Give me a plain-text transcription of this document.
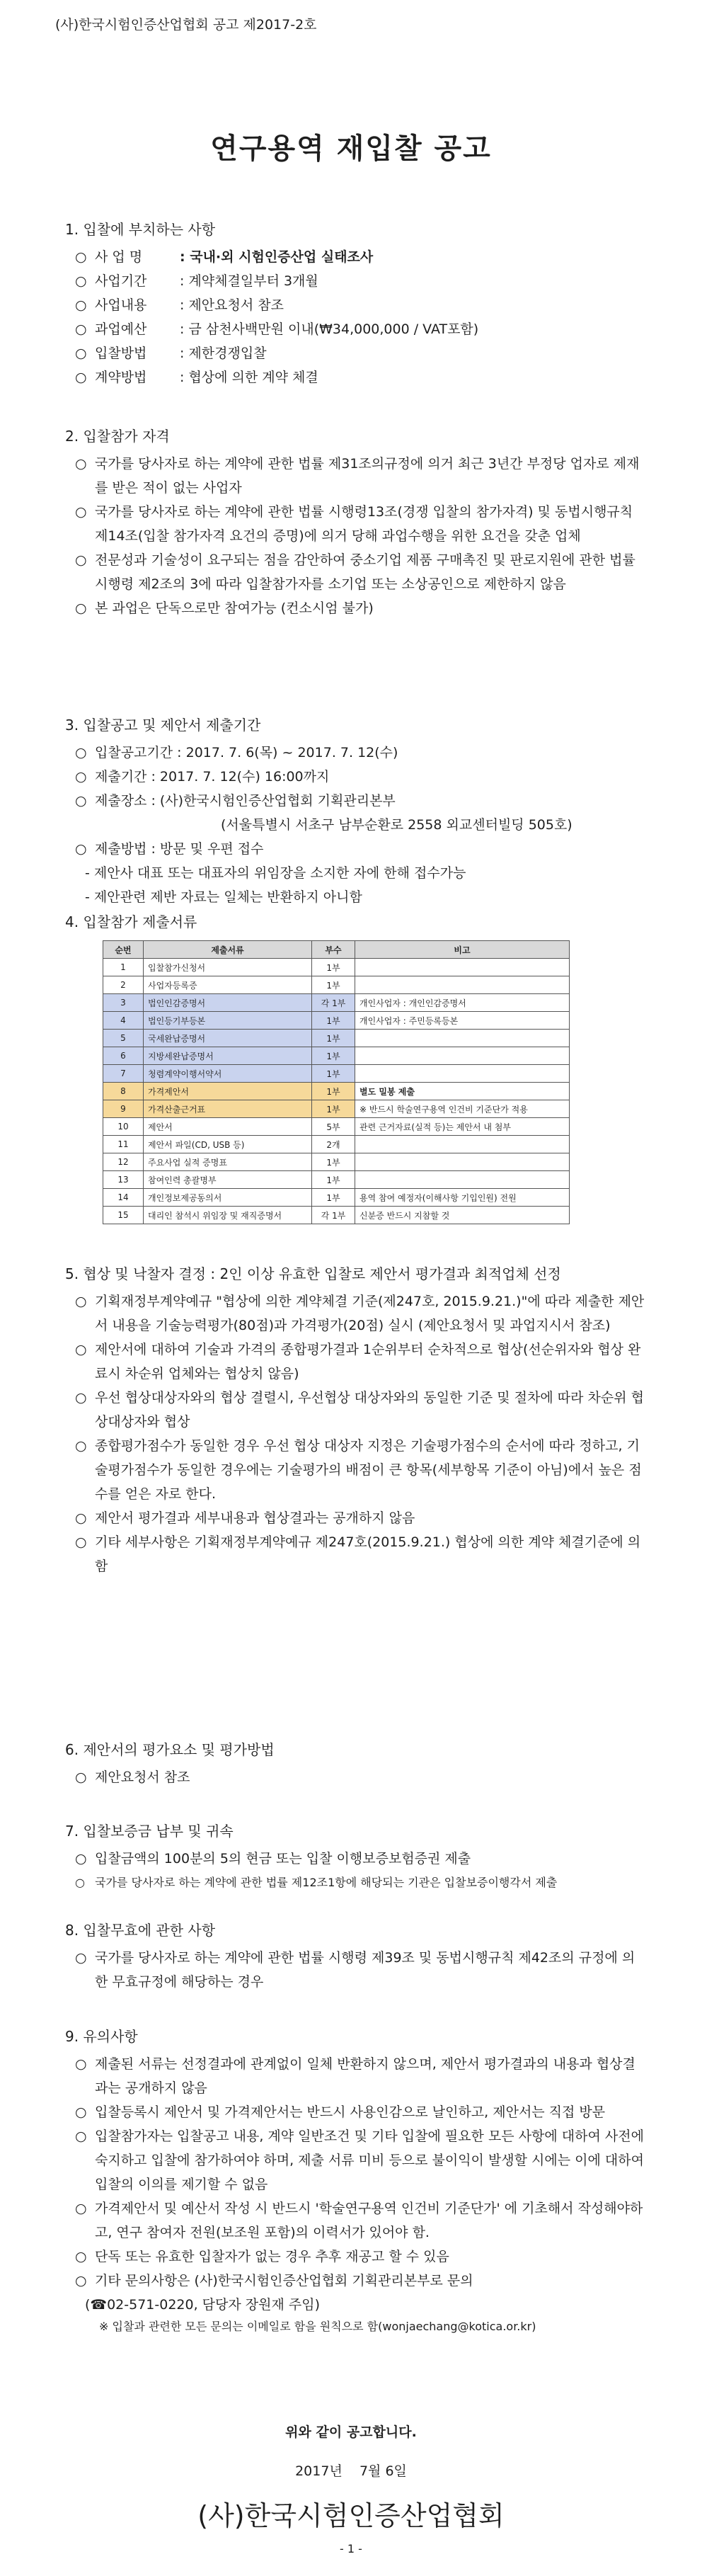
(사)한국시험인증산업협회 공고 제2017-2호
연구용역 재입찰 공고
1. 입찰에 부치하는 사항
○ 사 업 명	: 국내·외 시험인증산업 실태조사
○ 사업기간 : 계약체결일부터 3개월
○ 사업내용 : 제안요청서 참조
○ 과업예산 : 금 삼천사백만원 이내(₩34,000,000 / VAT포함)
○ 입찰방법 : 제한경쟁입찰
○ 계약방법 : 협상에 의한 계약 체결
2. 입찰참가 자격
○ 국가를 당사자로 하는 계약에 관한 법률 제31조의규정에 의거 최근 3년간 부정당 업자로 제재를 받은 적이 없는 사업자
○ 국가를 당사자로 하는 계약에 관한 법률 시행령13조(경쟁 입찰의 참가자격) 및 동법시행규칙 제14조(입찰 참가자격 요건의 증명)에 의거 당해 과업수행을 위한 요건을 갖춘 업체
○ 전문성과 기술성이 요구되는 점을 감안하여 중소기업 제품 구매촉진 및 판로지원에 관한 법률 시행령 제2조의 3에 따라 입찰참가자를 소기업 또는 소상공인으로 제한하지 않음
○ 본 과업은 단독으로만 참여가능 (컨소시엄 불가)
3. 입찰공고 및 제안서 제출기간
○ 입찰공고기간 : 2017. 7. 6(목) ~ 2017. 7. 12(수)
○ 제출기간 : 2017. 7. 12(수) 16:00까지
○ 제출장소 : (사)한국시험인증산업협회 기획관리본부
(서울특별시 서초구 남부순환로 2558 외교센터빌딩 505호)
○ 제출방법 : 방문 및 우편 접수
- 제안사 대표 또는 대표자의 위임장을 소지한 자에 한해 접수가능
- 제안관련 제반 자료는 일체는 반환하지 아니함
4. 입찰참가 제출서류
순번	제출서류	부수	비고
1	입찰참가신청서	1부	
2	사업자등록증	1부	
3	법인인감증명서	각 1부	개인사업자 : 개인인감증명서
4	법인등기부등본	1부	개인사업자 : 주민등록등본
5	국세완납증명서	1부	
6	지방세완납증명서	1부	
7	청렴계약이행서약서	1부	
8	가격제안서	1부	별도 밀봉 제출
9	가격산출근거표	1부	※ 반드시 학술연구용역 인건비 기준단가 적용
10	제안서	5부	관련 근거자료(실적 등)는 제안서 내 첨부
11	제안서 파일(CD, USB 등)	2개	
12	주요사업 실적 증명표	1부	
13	참여인력 총괄명부	1부	
14	개인정보제공동의서	1부	용역 참여 예정자(이해사항 기입인원) 전원
15	대리인 참석시 위임장 및 재직증명서	각 1부	신분증 반드시 지참할 것
5. 협상 및 낙찰자 결정 : 2인 이상 유효한 입찰로 제안서 평가결과 최적업체 선정
○ 기획재정부계약예규 "협상에 의한 계약체결 기준(제247호, 2015.9.21.)"에 따라 제출한 제안서 내용을 기술능력평가(80점)과 가격평가(20점) 실시 (제안요청서 및 과업지시서 참조)
○ 제안서에 대하여 기술과 가격의 종합평가결과 1순위부터 순차적으로 협상(선순위자와 협상 완료시 차순위 업체와는 협상치 않음)
○ 우선 협상대상자와의 협상 결렬시, 우선협상 대상자와의 동일한 기준 및 절차에 따라 차순위 협상대상자와 협상
○ 종합평가점수가 동일한 경우 우선 협상 대상자 지정은 기술평가점수의 순서에 따라 정하고, 기술평가점수가 동일한 경우에는 기술평가의 배점이 큰 항목(세부항목 기준이 아님)에서 높은 점수를 얻은 자로 한다.
○ 제안서 평가결과 세부내용과 협상결과는 공개하지 않음
○ 기타 세부사항은 기획재정부계약예규 제247호(2015.9.21.) 협상에 의한 계약 체결기준에 의함
6. 제안서의 평가요소 및 평가방법
○ 제안요청서 참조
7. 입찰보증금 납부 및 귀속
○ 입찰금액의 100분의 5의 현금 또는 입찰 이행보증보험증권 제출
○ 국가를 당사자로 하는 계약에 관한 법률 제12조1항에 해당되는 기관은 입찰보증이행각서 제출
8. 입찰무효에 관한 사항
○ 국가를 당사자로 하는 계약에 관한 법률 시행령 제39조 및 동법시행규칙 제42조의 규정에 의한 무효규정에 해당하는 경우
9. 유의사항
○ 제출된 서류는 선정결과에 관계없이 일체 반환하지 않으며, 제안서 평가결과의 내용과 협상결과는 공개하지 않음
○ 입찰등록시 제안서 및 가격제안서는 반드시 사용인감으로 날인하고, 제안서는 직접 방문
○ 입찰참가자는 입찰공고 내용, 계약 일반조건 및 기타 입찰에 필요한 모든 사항에 대하여 사전에 숙지하고 입찰에 참가하여야 하며, 제출 서류 미비 등으로 불이익이 발생할 시에는 이에 대하여 입찰의 이의를 제기할 수 없음
○ 가격제안서 및 예산서 작성 시 반드시 '학술연구용역 인건비 기준단가' 에 기초해서 작성해야하고, 연구 참여자 전원(보조원 포함)의 이력서가 있어야 함.
○ 단독 또는 유효한 입찰자가 없는 경우 추후 재공고 할 수 있음
○ 기타 문의사항은 (사)한국시험인증산업협회 기획관리본부로 문의
(☎02-571-0220, 담당자 장원재 주임)
※ 입찰과 관련한 모든 문의는 이메일로 함을 원칙으로 함(wonjaechang@kotica.or.kr)
위와 같이 공고합니다.
2017년    7월 6일
(사)한국시험인증산업협회
- 1 -
